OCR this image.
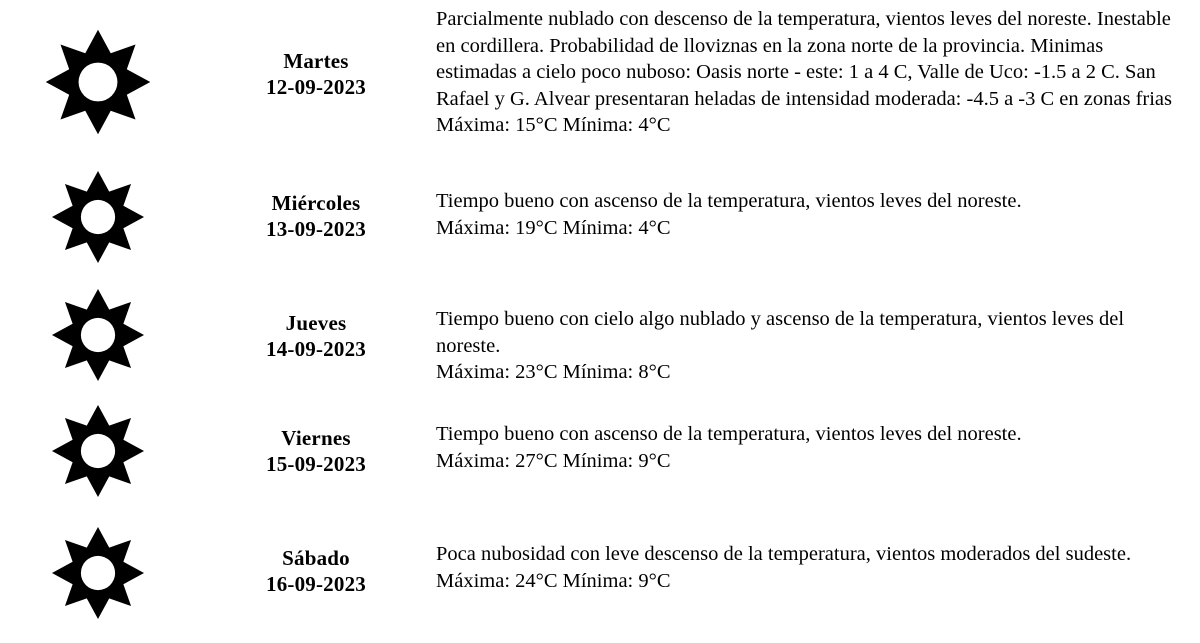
Martes
12-09-2023

Parcialmente nublado con descenso de la temperatura, vientos leves del noreste. Inestable en cordillera. Probabilidad de lloviznas en la zona norte de la provincia. Minimas estimadas a cielo poco nuboso: Oasis norte - este: 1 a 4 C, Valle de Uco: -1.5 a 2 C. San Rafael y G. Alvear presentaran heladas de intensidad moderada: -4.5 a -3 C en zonas frias

Máxima: 15°C Mínima: 4°C

Miércoles
13-09-2023

Tiempo bueno con ascenso de la temperatura, vientos leves del noreste.

Máxima: 19°C Mínima: 4°C

Jueves
14-09-2023

Tiempo bueno con cielo algo nublado y ascenso de la temperatura, vientos leves del noreste.

Máxima: 23°C Mínima: 8°C

Viernes
15-09-2023

Tiempo bueno con ascenso de la temperatura, vientos leves del noreste.

Máxima: 27°C Mínima: 9°C

Sábado
16-09-2023

Poca nubosidad con leve descenso de la temperatura, vientos moderados del sudeste.

Máxima: 24°C Mínima: 9°C
